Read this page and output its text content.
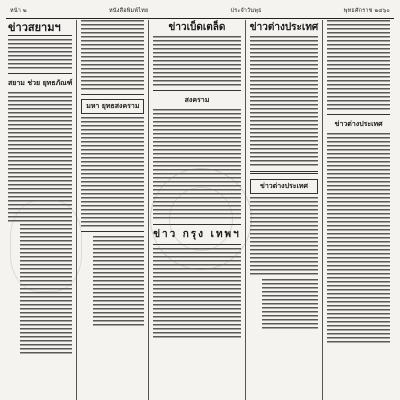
หน้า ๒	หนังสือพิมพ์ไทย	ประจำวันพุธ	พุทธศักราช ๒๔๖๐
ข่าวสยามฯ
สยาม ช่วย ยุทธภัณฑ์
มหา ยุทธสงคราม
ข่าวเบ็ดเตล็ด
สงคราม
ข่าว กรุง เทพฯ
ข่าวต่างประเทศ
ข่าวต่างประเทศ
ข่าวต่างประเทศ
